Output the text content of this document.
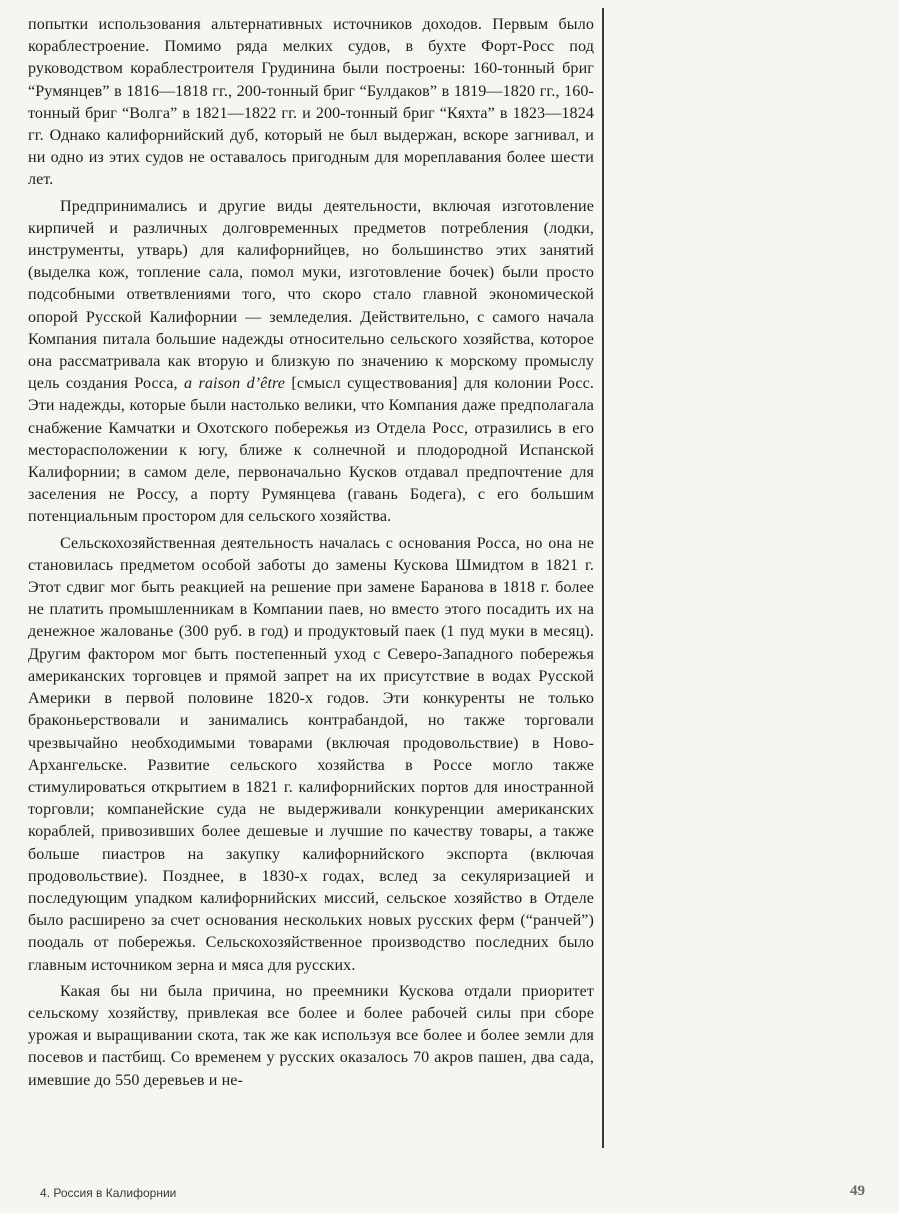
попытки использования альтернативных источников доходов. Первым было кораблестроение. Помимо ряда мелких судов, в бухте Форт-Росс под руководством кораблестроителя Грудинина были построены: 160-тонный бриг “Румянцев” в 1816—1818 гг., 200-тонный бриг “Булдаков” в 1819—1820 гг., 160-тонный бриг “Волга” в 1821—1822 гг. и 200-тонный бриг “Кяхта” в 1823—1824 гг. Однако калифорнийский дуб, который не был выдержан, вскоре загнивал, и ни одно из этих судов не оставалось пригодным для мореплавания более шести лет.

Предпринимались и другие виды деятельности, включая изготовление кирпичей и различных долговременных предметов потребления (лодки, инструменты, утварь) для калифорнийцев, но большинство этих занятий (выделка кож, топление сала, помол муки, изготовление бочек) были просто подсобными ответвлениями того, что скоро стало главной экономической опорой Русской Калифорнии — земледелия. Действительно, с самого начала Компания питала большие надежды относительно сельского хозяйства, которое она рассматривала как вторую и близкую по значению к морскому промыслу цель создания Росса, a raison d’être [смысл существования] для колонии Росс. Эти надежды, которые были настолько велики, что Компания даже предполагала снабжение Камчатки и Охотского побережья из Отдела Росс, отразились в его месторасположении к югу, ближе к солнечной и плодородной Испанской Калифорнии; в самом деле, первоначально Кусков отдавал предпочтение для заселения не Россу, а порту Румянцева (гавань Бодега), с его большим потенциальным простором для сельского хозяйства.

Сельскохозяйственная деятельность началась с основания Росса, но она не становилась предметом особой заботы до замены Кускова Шмидтом в 1821 г. Этот сдвиг мог быть реакцией на решение при замене Баранова в 1818 г. более не платить промышленникам в Компании паев, но вместо этого посадить их на денежное жалованье (300 руб. в год) и продуктовый паек (1 пуд муки в месяц). Другим фактором мог быть постепенный уход с Северо-Западного побережья американских торговцев и прямой запрет на их присутствие в водах Русской Америки в первой половине 1820-х годов. Эти конкуренты не только браконьерствовали и занимались контрабандой, но также торговали чрезвычайно необходимыми товарами (включая продовольствие) в Ново-Архангельске. Развитие сельского хозяйства в Россе могло также стимулироваться открытием в 1821 г. калифорнийских портов для иностранной торговли; компанейские суда не выдерживали конкуренции американских кораблей, привозивших более дешевые и лучшие по качеству товары, а также больше пиастров на закупку калифорнийского экспорта (включая продовольствие). Позднее, в 1830-х годах, вслед за секуляризацией и последующим упадком калифорнийских миссий, сельское хозяйство в Отделе было расширено за счет основания нескольких новых русских ферм (“ранчей”) поодаль от побережья. Сельскохозяйственное производство последних было главным источником зерна и мяса для русских.

Какая бы ни была причина, но преемники Кускова отдали приоритет сельскому хозяйству, привлекая все более и более рабочей силы при сборе урожая и выращивании скота, так же как используя все более и более земли для посевов и пастбищ. Со временем у русских оказалось 70 акров пашен, два сада, имевшие до 550 деревьев и не-

4. Россия в Калифорнии	49
